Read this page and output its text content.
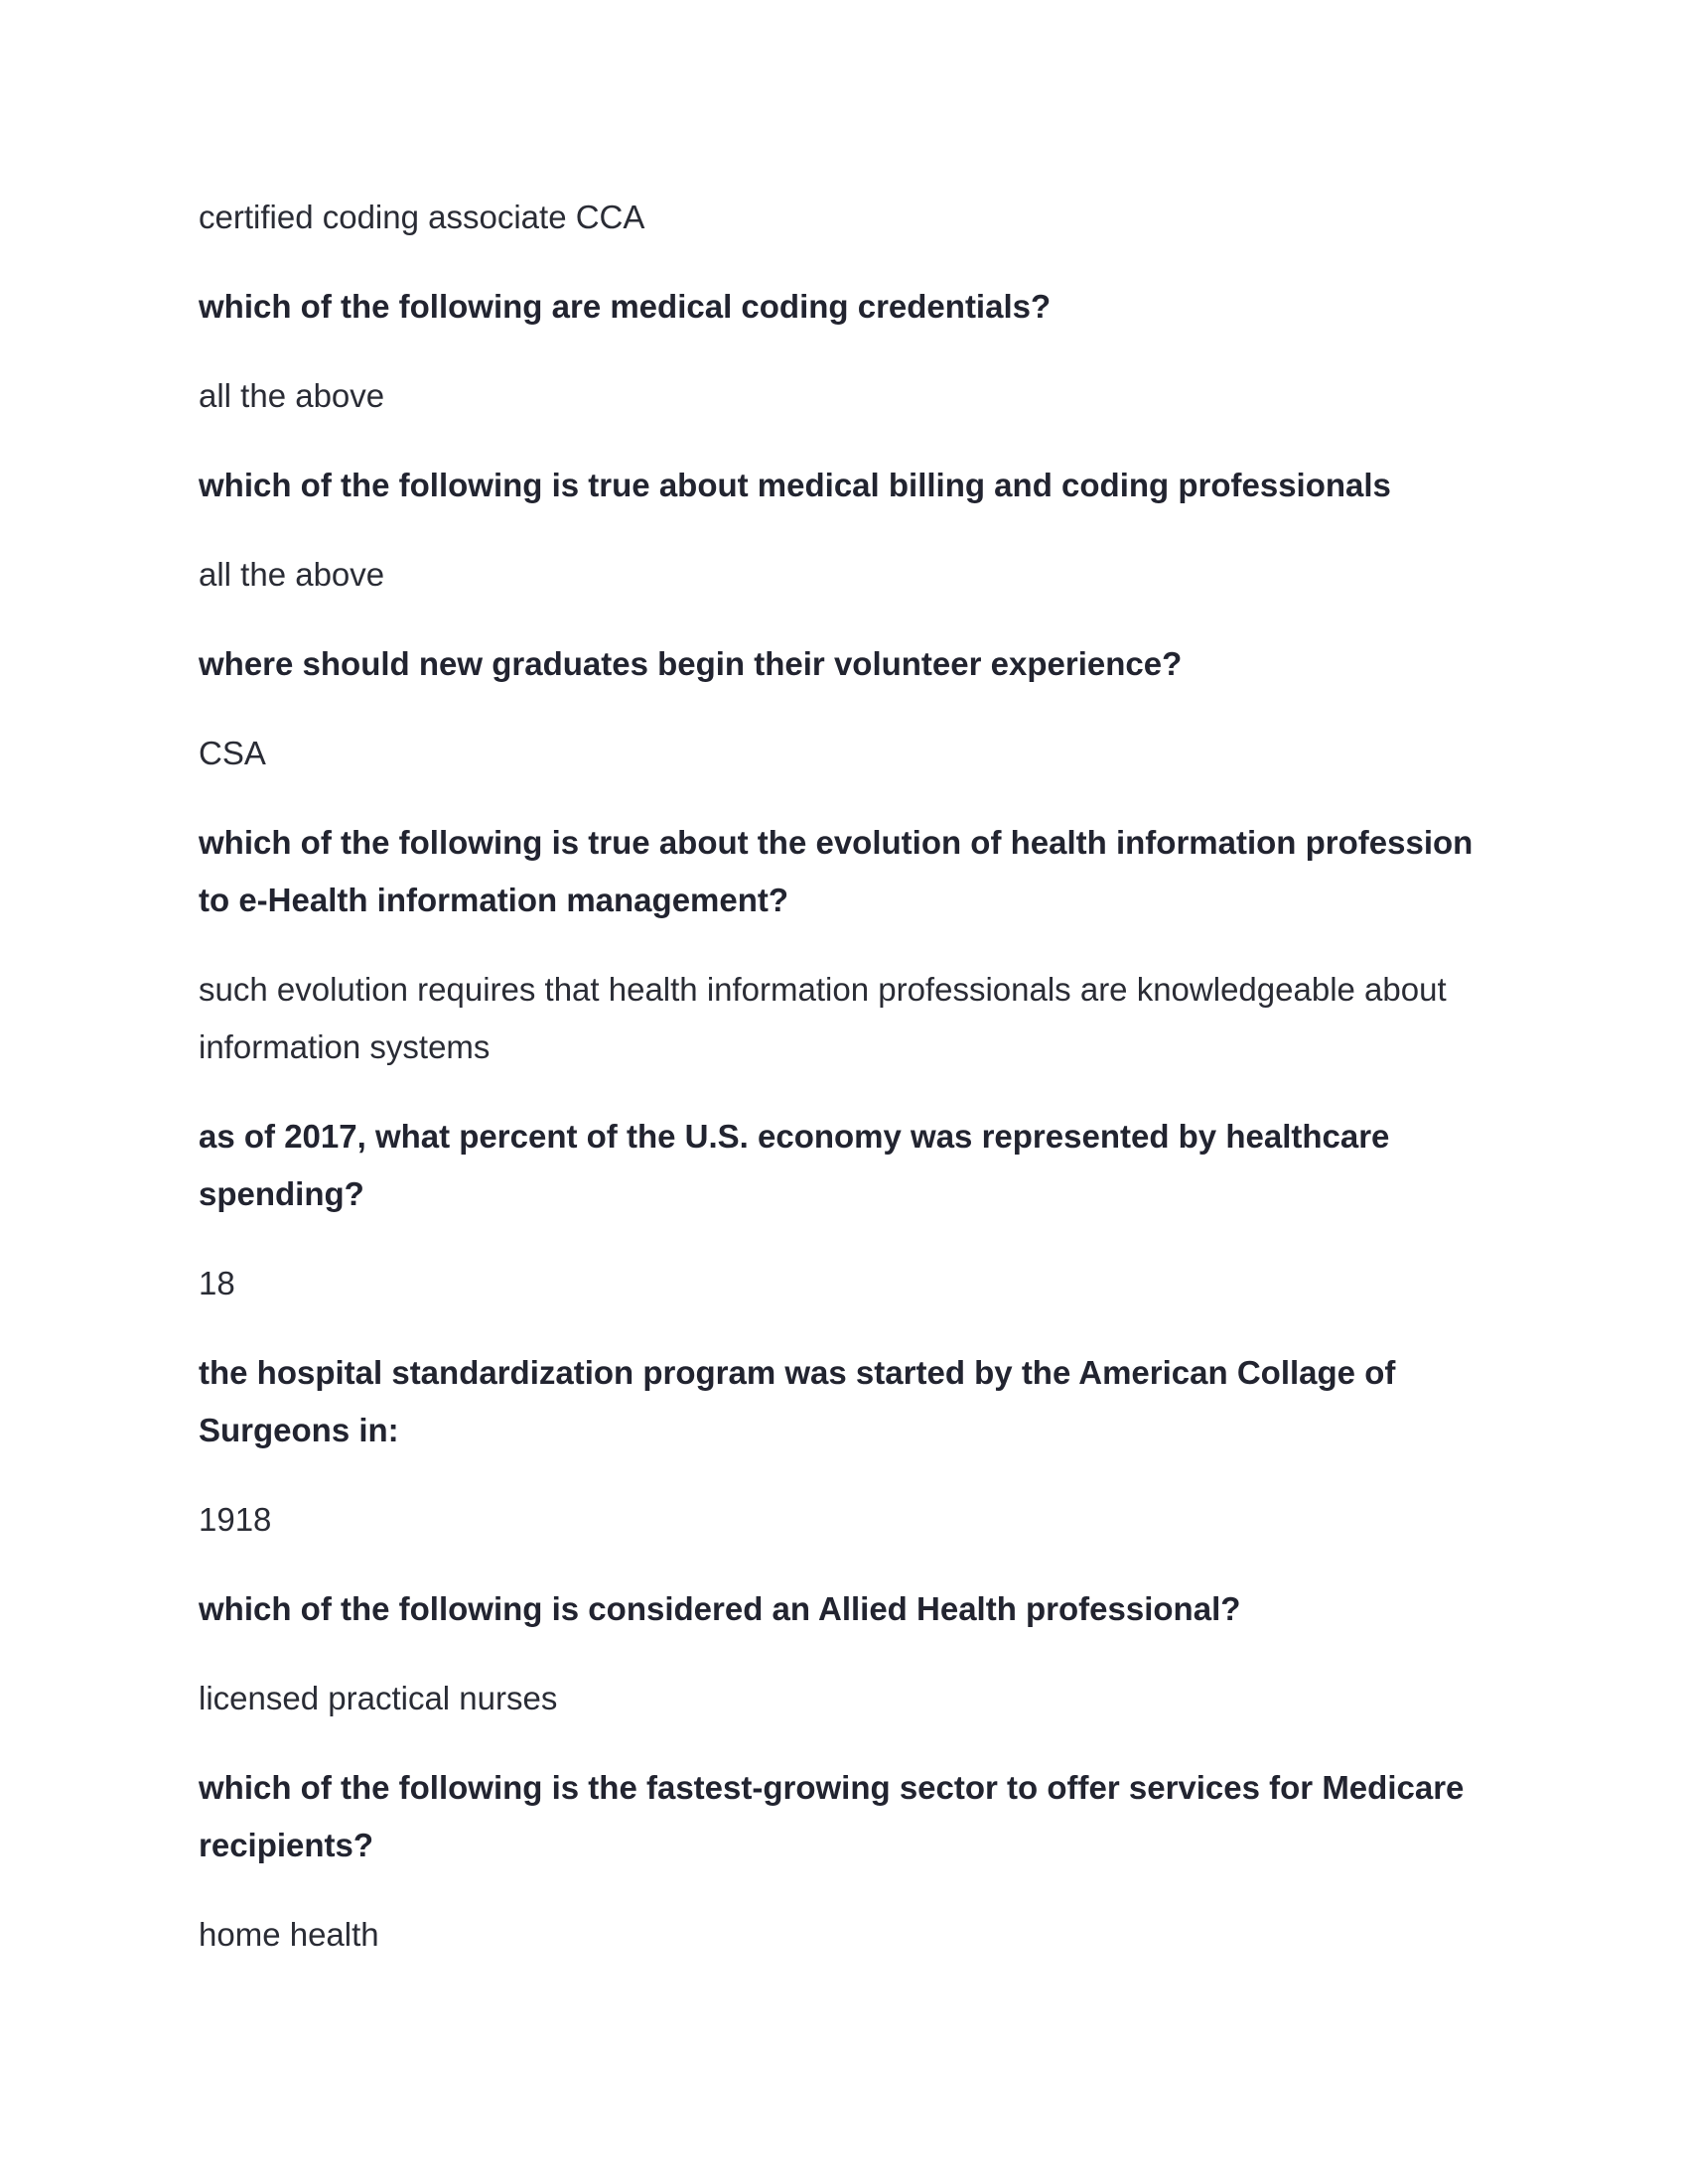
certified coding associate CCA

which of the following are medical coding credentials?

all the above

which of the following is true about medical billing and coding professionals

all the above

where should new graduates begin their volunteer experience?

CSA

which of the following is true about the evolution of health information profession to e-Health information management?

such evolution requires that health information professionals are knowledgeable about information systems

as of 2017, what percent of the U.S. economy was represented by healthcare spending?

18

the hospital standardization program was started by the American Collage of Surgeons in:

1918

which of the following is considered an Allied Health professional?

licensed practical nurses

which of the following is the fastest-growing sector to offer services for Medicare recipients?

home health
